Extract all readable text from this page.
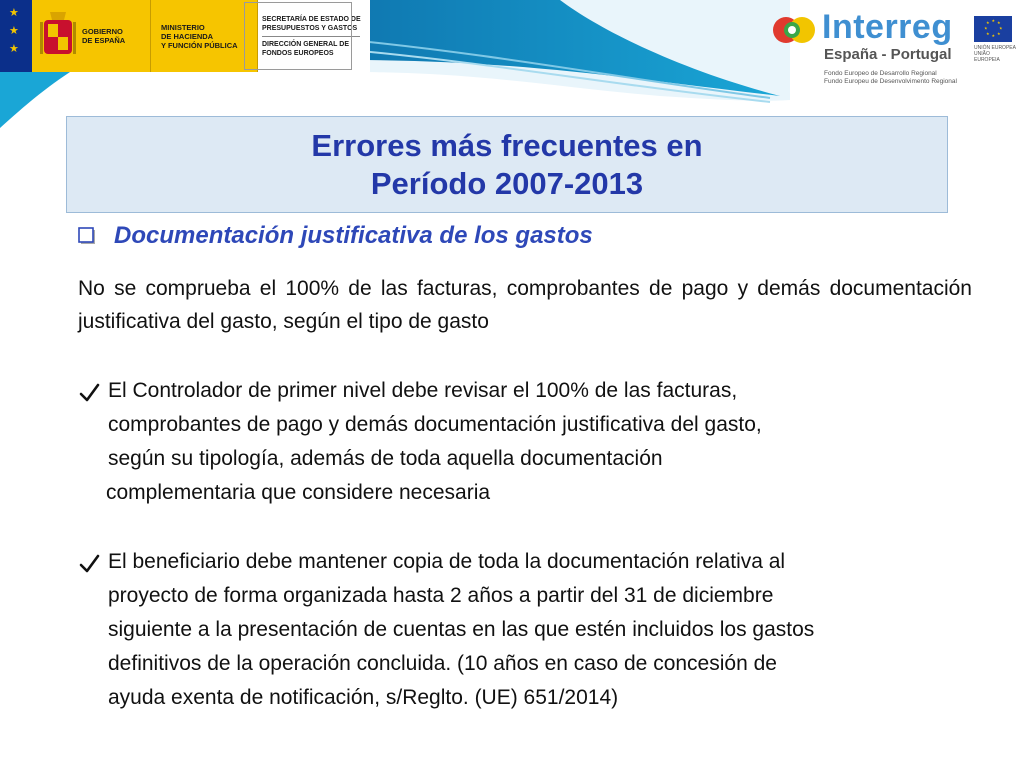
★
★
★
GOBIERNO
DE ESPAÑA
MINISTERIO
DE HACIENDA
Y FUNCIÓN PÚBLICA
SECRETARÍA DE ESTADO DE
PRESUPUESTOS Y GASTOS
DIRECCIÓN GENERAL DE
FONDOS EUROPEOS
Interreg
España - Portugal
Fondo Europeo de Desarrollo Regional
Fundo Europeu de Desenvolvimento Regional
★ ★
★
★
★
★
★
★
UNIÓN EUROPEA
UNIÃO EUROPEIA
Errores más frecuentes en
Período 2007-2013
Documentación justificativa de los gastos
No se comprueba el 100% de las facturas, comprobantes de pago y demás documentación justificativa del gasto, según el tipo de gasto
El Controlador de primer nivel debe revisar el 100% de las facturas,
comprobantes de pago y demás documentación justificativa del gasto,
según su tipología, además de toda aquella documentación
complementaria que considere necesaria
El beneficiario debe mantener copia de toda la documentación relativa al
proyecto de forma organizada hasta 2 años a partir del 31 de diciembre
siguiente a la presentación de cuentas en las que estén incluidos los gastos
definitivos de la operación concluida. (10 años en caso de concesión de
ayuda exenta de notificación, s/Reglto. (UE) 651/2014)
